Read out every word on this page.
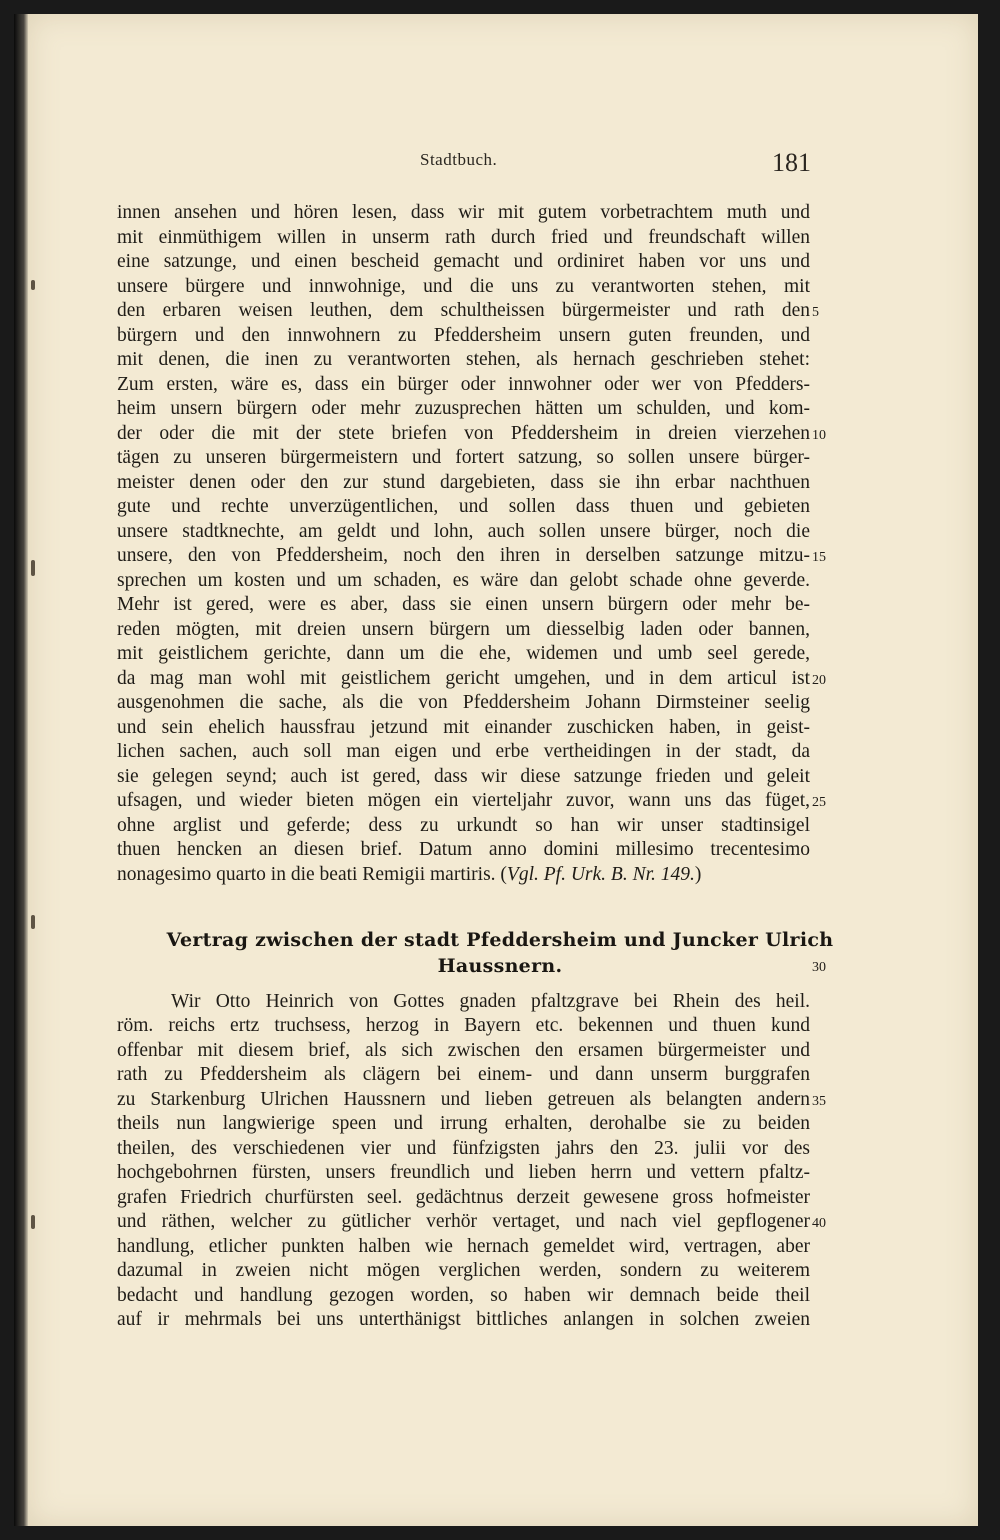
Stadtbuch.	181
innen ansehen und hören lesen, dass wir mit gutem vorbetrachtem muth und
mit einmüthigem willen in unserm rath durch fried und freundschaft willen
eine satzunge, und einen bescheid gemacht und ordiniret haben vor uns und
unsere bürgere und innwohnige, und die uns zu verantworten stehen, mit
den erbaren weisen leuthen, dem schultheissen bürgermeister und rath den
bürgern und den innwohnern zu Pfeddersheim unsern guten freunden, und
mit denen, die inen zu verantworten stehen, als hernach geschrieben stehet:
Zum ersten, wäre es, dass ein bürger oder innwohner oder wer von Pfedders-
heim unsern bürgern oder mehr zuzusprechen hätten um schulden, und kom-
der oder die mit der stete briefen von Pfeddersheim in dreien vierzehen
tägen zu unseren bürgermeistern und fortert satzung, so sollen unsere bürger-
meister denen oder den zur stund dargebieten, dass sie ihn erbar nachthuen
gute und rechte unverzügentlichen, und sollen dass thuen und gebieten
unsere stadtknechte, am geldt und lohn, auch sollen unsere bürger, noch die
unsere, den von Pfeddersheim, noch den ihren in derselben satzunge mitzu-
sprechen um kosten und um schaden, es wäre dan gelobt schade ohne geverde.
Mehr ist gered, were es aber, dass sie einen unsern bürgern oder mehr be-
reden mögten, mit dreien unsern bürgern um diesselbig laden oder bannen,
mit geistlichem gerichte, dann um die ehe, widemen und umb seel gerede,
da mag man wohl mit geistlichem gericht umgehen, und in dem articul ist
ausgenohmen die sache, als die von Pfeddersheim Johann Dirmsteiner seelig
und sein ehelich haussfrau jetzund mit einander zuschicken haben, in geist-
lichen sachen, auch soll man eigen und erbe vertheidingen in der stadt, da
sie gelegen seynd; auch ist gered, dass wir diese satzunge frieden und geleit
ufsagen, und wieder bieten mögen ein vierteljahr zuvor, wann uns das füget,
ohne arglist und geferde; dess zu urkundt so han wir unser stadtinsigel
thuen hencken an diesen brief. Datum anno domini millesimo trecentesimo
nonagesimo quarto in die beati Remigii martiris. (Vgl. Pf. Urk. B. Nr. 149.)
Vertrag zwischen der stadt Pfeddersheim und Juncker Ulrich
Haussnern.
Wir Otto Heinrich von Gottes gnaden pfaltzgrave bei Rhein des heil.
röm. reichs ertz truchsess, herzog in Bayern etc. bekennen und thuen kund
offenbar mit diesem brief, als sich zwischen den ersamen bürgermeister und
rath zu Pfeddersheim als clägern bei einem- und dann unserm burggrafen
zu Starkenburg Ulrichen Haussnern und lieben getreuen als belangten andern
theils nun langwierige speen und irrung erhalten, derohalbe sie zu beiden
theilen, des verschiedenen vier und fünfzigsten jahrs den 23. julii vor des
hochgebohrnen fürsten, unsers freundlich und lieben herrn und vettern pfaltz-
grafen Friedrich churfürsten seel. gedächtnus derzeit gewesene gross hofmeister
und räthen, welcher zu gütlicher verhör vertaget, und nach viel gepflogener
handlung, etlicher punkten halben wie hernach gemeldet wird, vertragen, aber
dazumal in zweien nicht mögen verglichen werden, sondern zu weiterem
bedacht und handlung gezogen worden, so haben wir demnach beide theil
auf ir mehrmals bei uns unterthänigst bittliches anlangen in solchen zweien
5
10
15
20
25
30
35
40
